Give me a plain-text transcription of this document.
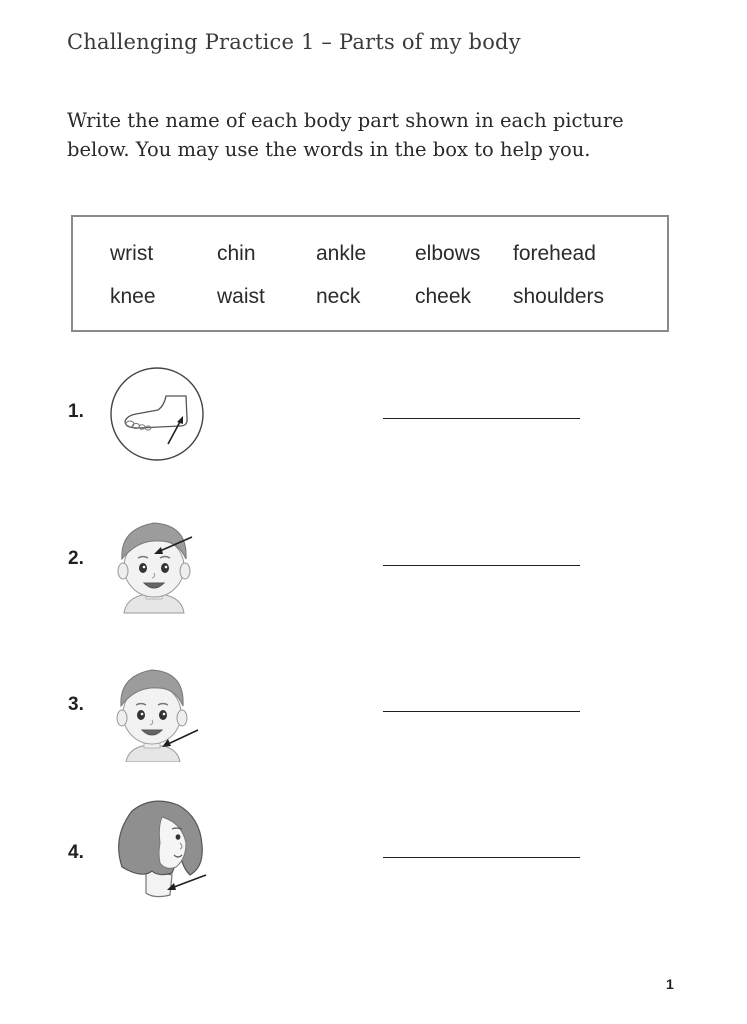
Challenging Practice 1 – Parts of my body

Write the name of each body part shown in each picture below. You may use the words in the box to help you.

wrist	chin	ankle elbows forehead
knee	waist neck	cheek shoulders
1.
2.
3.
4.
1
